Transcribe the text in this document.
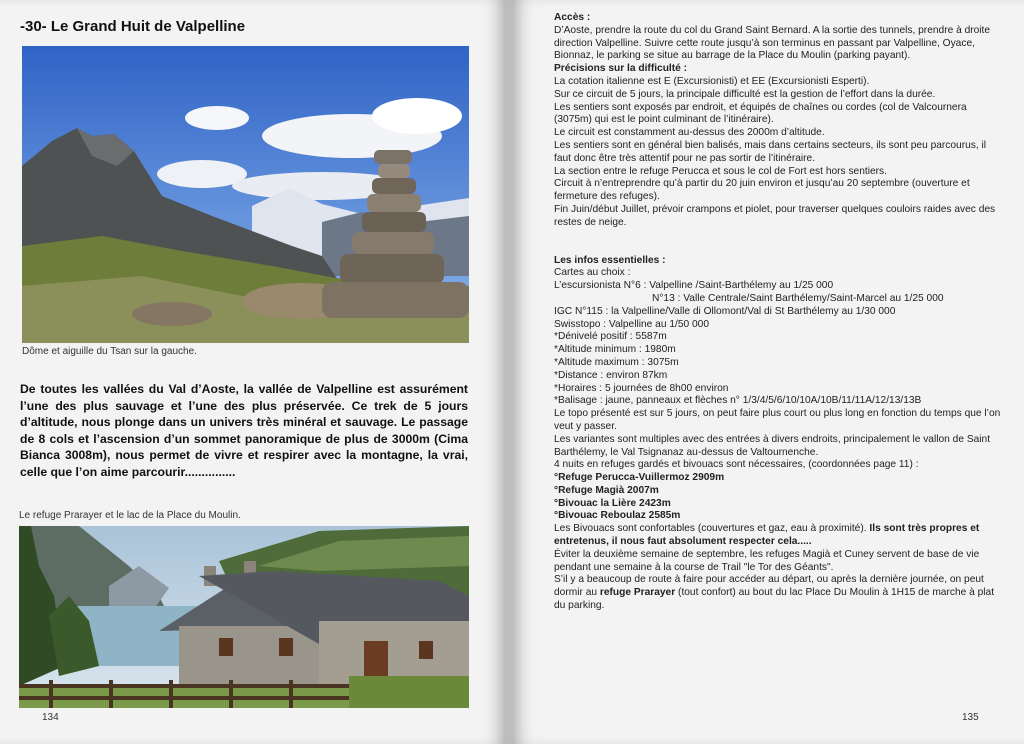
-30- Le Grand Huit de Valpelline
Dôme et aiguille du Tsan sur la gauche.
De toutes les vallées du Val d’Aoste, la vallée de Valpelline est assurément l’une des plus sauvage et l’une des plus préservée. Ce trek de 5 jours d’altitude, nous plonge dans un univers très minéral et sauvage. Le passage de 8 cols et l’ascension d’un sommet panoramique de plus de 3000m (Cima Bianca 3008m), nous permet de vivre et respirer avec la montagne, la vrai, celle que l’on aime parcourir...............
Le refuge Prarayer et le lac de la Place du Moulin.
134

Accès :

D’Aoste, prendre la route du col du Grand Saint Bernard. A la sortie des tunnels, prendre à droite direction Valpelline. Suivre cette route jusqu’à son terminus en passant par Valpelline, Oyace, Bionnaz, le parking se situe au barrage de la Place du Moulin (parking payant).

Précisions sur la difficulté :

La cotation italienne est E (Excursionisti) et EE (Excursionisti Esperti).

Sur ce circuit de 5 jours, la principale difficulté est la gestion de l’effort dans la durée.

Les sentiers sont exposés par endroit, et équipés de chaînes ou cordes (col de Valcournera (3075m) qui est le point culminant de l’itinéraire).

Le circuit est constamment au-dessus des 2000m d’altitude.

Les sentiers sont en général bien balisés, mais dans certains secteurs, ils sont peu parcourus, il faut donc être très attentif pour ne pas sortir de l’itinéraire.

La section entre le refuge Perucca et sous le col de Fort est hors sentiers.

Circuit à n’entreprendre qu’à partir du 20 juin environ et jusqu’au 20 septembre (ouverture et fermeture des refuges).

Fin Juin/début Juillet, prévoir crampons et piolet, pour traverser quelques couloirs raides avec des restes de neige.

Les infos essentielles :

Cartes au choix :

L’escursionista N°6 : Valpelline /Saint-Barthélemy au 1/25 000

N°13 : Valle Centrale/Saint Barthélemy/Saint-Marcel au 1/25 000

IGC N°115 : la Valpelline/Valle di Ollomont/Val di St Barthélemy au 1/30 000

Swisstopo : Valpelline au 1/50 000

*Dénivelé positif : 5587m

*Altitude minimum : 1980m

*Altitude maximum : 3075m

*Distance : environ 87km

*Horaires : 5 journées de 8h00 environ

*Balisage : jaune, panneaux et flèches n° 1/3/4/5/6/10/10A/10B/11/11A/12/13/13B

Le topo présenté est sur 5 jours, on peut faire plus court ou plus long en fonction du temps que l’on veut y passer.

Les variantes sont multiples avec des entrées à divers endroits, principalement le vallon de Saint Barthélemy, le Val Tsignanaz au-dessus de Valtournenche.

4 nuits en refuges gardés et bivouacs sont nécessaires, (coordonnées page 11) :

°Refuge Perucca-Vuillermoz 2909m

°Refuge Magià 2007m

°Bivouac la Lière 2423m

°Bivouac Reboulaz 2585m

Les Bivouacs sont confortables (couvertures et gaz, eau à proximité). Ils sont très propres et entretenus, il nous faut absolument respecter cela.....

Éviter la deuxième semaine de septembre, les refuges Magià et Cuney servent de base de vie pendant une semaine à la course de Trail "le Tor des Géants".

S’il y a beaucoup de route à faire pour accéder au départ, ou après la dernière journée, on peut dormir au refuge Prarayer (tout confort) au bout du lac Place Du Moulin à 1H15 de marche à plat du parking.

135
